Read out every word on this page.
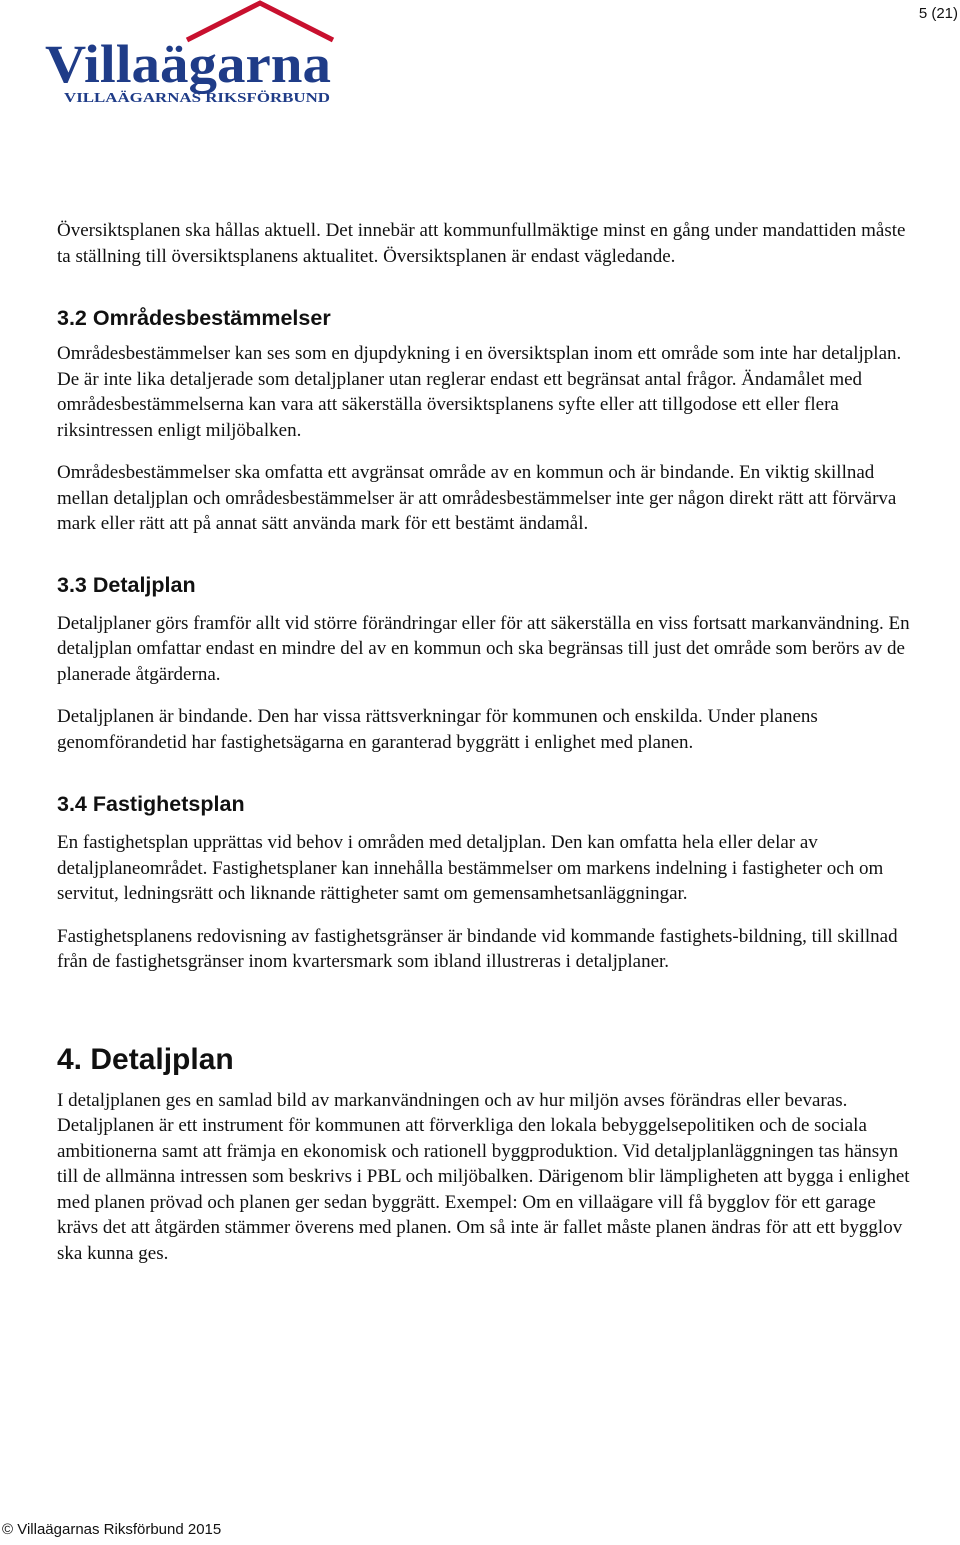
5 (21)
Villaägarna
VILLAÄGARNAS RIKSFÖRBUND

Översiktsplanen ska hållas aktuell. Det innebär att kommunfullmäktige minst en gång under mandattiden måste ta ställning till översiktsplanens aktualitet. Översiktsplanen är endast vägledande.

3.2 Områdesbestämmelser

Områdesbestämmelser kan ses som en djupdykning i en översiktsplan inom ett område som inte har detaljplan. De är inte lika detaljerade som detaljplaner utan reglerar endast ett begränsat antal frågor. Ändamålet med områdesbestämmelserna kan vara att säkerställa översiktsplanens syfte eller att tillgodose ett eller flera riksintressen enligt miljöbalken.

Områdesbestämmelser ska omfatta ett avgränsat område av en kommun och är bindande. En viktig skillnad mellan detaljplan och områdesbestämmelser är att områdesbestämmelser inte ger någon direkt rätt att förvärva mark eller rätt att på annat sätt använda mark för ett bestämt ändamål.

3.3 Detaljplan

Detaljplaner görs framför allt vid större förändringar eller för att säkerställa en viss fortsatt markanvändning. En detaljplan omfattar endast en mindre del av en kommun och ska begränsas till just det område som berörs av de planerade åtgärderna.

Detaljplanen är bindande. Den har vissa rättsverkningar för kommunen och enskilda. Under planens genomförandetid har fastighetsägarna en garanterad byggrätt i enlighet med planen.

3.4 Fastighetsplan

En fastighetsplan upprättas vid behov i områden med detaljplan. Den kan omfatta hela eller delar av detaljplaneområdet. Fastighetsplaner kan innehålla bestämmelser om markens indelning i fastigheter och om servitut, ledningsrätt och liknande rättigheter samt om gemensamhetsanläggningar.

Fastighetsplanens redovisning av fastighetsgränser är bindande vid kommande fastighets-bildning, till skillnad från de fastighetsgränser inom kvartersmark som ibland illustreras i detaljplaner.

4. Detaljplan

I detaljplanen ges en samlad bild av markanvändningen och av hur miljön avses förändras eller bevaras. Detaljplanen är ett instrument för kommunen att förverkliga den lokala bebyggelsepolitiken och de sociala ambitionerna samt att främja en ekonomisk och rationell byggproduktion. Vid detaljplanläggningen tas hänsyn till de allmänna intressen som beskrivs i PBL och miljöbalken. Därigenom blir lämpligheten att bygga i enlighet med planen prövad och planen ger sedan byggrätt. Exempel: Om en villaägare vill få bygglov för ett garage krävs det att åtgärden stämmer överens med planen. Om så inte är fallet måste planen ändras för att ett bygglov ska kunna ges.

© Villaägarnas Riksförbund 2015
